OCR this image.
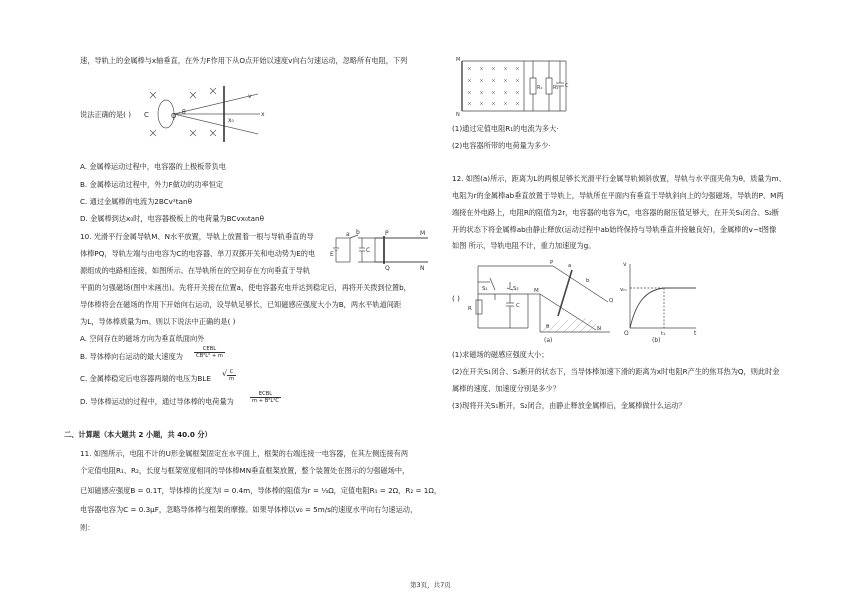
速，导轨上的金属棒与x轴垂直，在外力F作用下从O点开始以速度v向右匀速运动，忽略所有电阻，下列
C	O θ
x₀
x
v
说法正确的是( )
A. 金属棒运动过程中，电容器的上极板带负电
B. 金属棒运动过程中，外力F做功的功率恒定
C. 通过金属棒的电流为2BCv²tanθ
D. 金属棒到达x₀时，电容器极板上的电荷量为BCvx₀tanθ
10. 光滑平行金属导轨M、N水平放置，导轨上放置着一根与导轨垂直的导
体棒PQ，导轨左端与由电容为C的电容器、单刀双掷开关和电动势为E的电
源组成的电路相连接，如图所示。在导轨所在的空间存在方向垂直于导轨
平面的匀强磁场(图中未画出)。先将开关接在位置a，使电容器充电并达到稳定后，再将开关拨到位置b，
导体棒将会在磁场的作用下开始向右运动，设导轨足够长，已知磁感应强度大小为B，两水平轨道间距
为L，导体棒质量为m。则以下说法中正确的是( )
a b
E
C
P
Q
M
N
A. 空间存在的磁场方向为垂直纸面向外
B. 导体棒向右运动的最大速度为
CEBL
CB²L² + m
C. 金属棒稳定后电容器两端的电压为BLE
√ C
m
D. 导体棒运动的过程中，通过导体棒的电荷量为
ECBL
m + B²L²C
二、计算题（本大题共 2 小题，共 40.0 分）
11. 如图所示，电阻不计的U形金属框架固定在水平面上，框架的右端连接一电容器，在其左侧连接有两
个定值电阻R₁、R₂，长度与框架宽度相同的导体棒MN垂直框架放置，整个装置处在图示的匀强磁场中，
已知磁感应强度B = 0.1T，导体棒的长度为l = 0.4m，导体棒的阻值为r = ⅓Ω，定值电阻R₁ = 2Ω，R₂ = 1Ω，
电容器电容为C = 0.3μF，忽略导体棒与框架的摩擦。如果导体棒以v₀ = 5m/s的速度水平向右匀速运动，
则：
M
N
R₁ R₂ C
(1)通过定值电阻R₁的电流为多大·
(2)电容器所带的电荷量为多少·
12. 如图(a)所示，距离为L的两根足够长光滑平行金属导轨倾斜放置，导轨与水平面夹角为θ，质量为m、
电阻为r的金属棒ab垂直放置于导轨上，导轨所在平面内有垂直于导轨斜向上的匀强磁场，导轨的P、M两
端接在外电路上，电阻R的阻值为2r，电容器的电容为C，电容器的耐压值足够大，在开关S₁闭合、S₂断
开的状态下将金属棒ab由静止释放(运动过程中ab始终保持与导轨垂直并接触良好)，金属棒的v−t图像
如图 所示，导轨电阻不计，重力加速度为g。
( )
S₁	S₂
R	C
P	a
b
M
Q
N
θ
(a)
v
vₘ
O	t₁	t
(b)
(1)求磁场的磁感应强度大小；
(2)在开关S₁闭合、S₂断开的状态下，当导体棒加速下滑的距离为x时电阻R产生的焦耳热为Q，则此时金
属棒的速度、加速度分别是多少？
(3)现将开关S₁断开，S₂闭合，由静止释放金属棒后，金属棒做什么运动？
第3页，共7页
